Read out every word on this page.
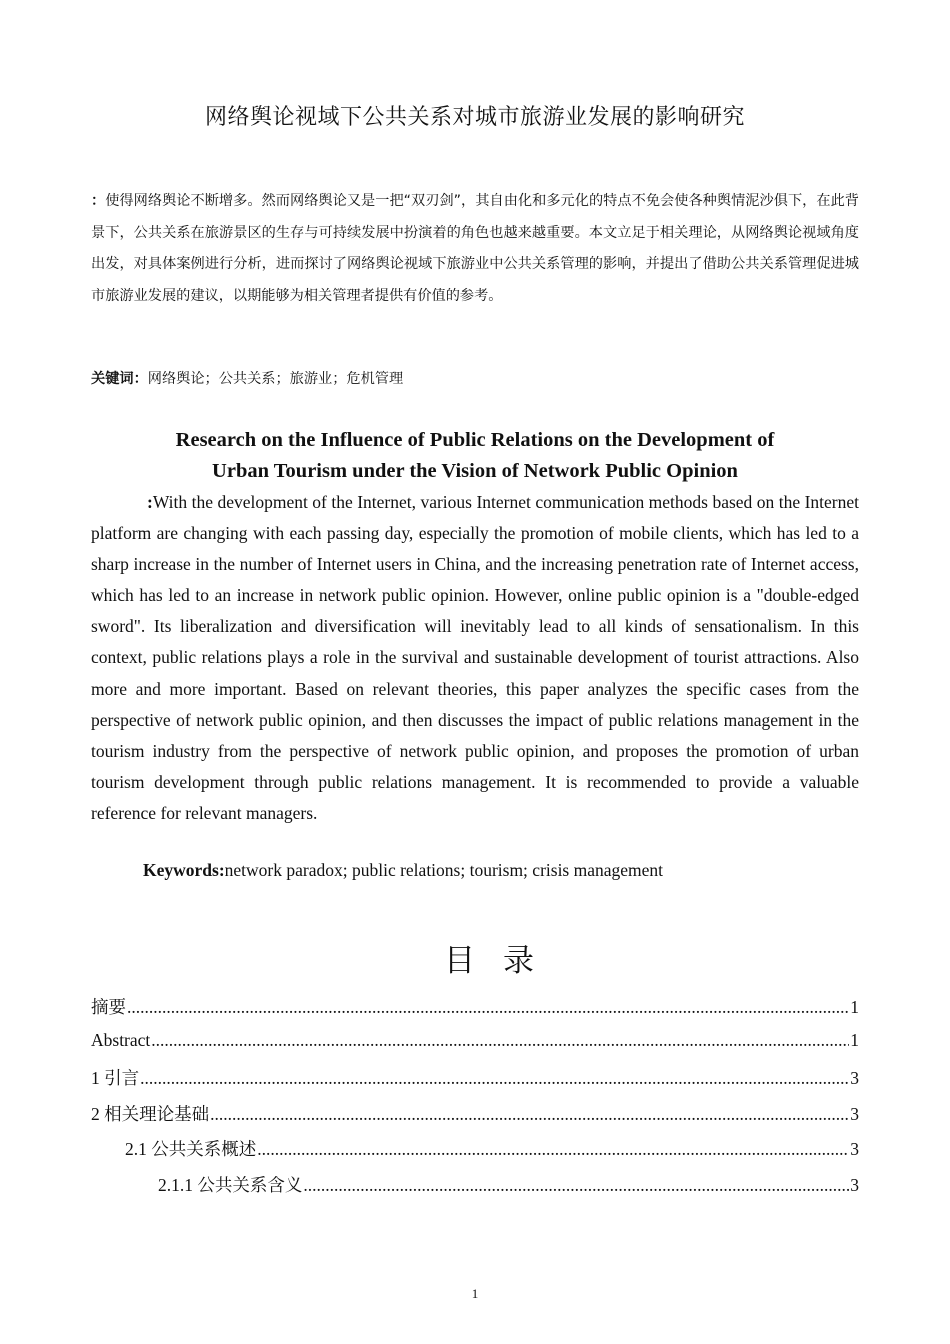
网络舆论视域下公共关系对城市旅游业发展的影响研究

：使得网络舆论不断增多。然而网络舆论又是一把“双刃剑”，其自由化和多元化的特点不免会使各种舆情泥沙俱下，在此背景下，公共关系在旅游景区的生存与可持续发展中扮演着的角色也越来越重要。本文立足于相关理论，从网络舆论视域角度出发，对具体案例进行分析，进而探讨了网络舆论视域下旅游业中公共关系管理的影响，并提出了借助公共关系管理促进城市旅游业发展的建议，以期能够为相关管理者提供有价值的参考。

关键词：网络舆论；公共关系；旅游业；危机管理

Research on the Influence of Public Relations on the Development of
Urban Tourism under the Vision of Network Public Opinion

:With the development of the Internet, various Internet communication methods based on the Internet platform are changing with each passing day, especially the promotion of mobile clients, which has led to a sharp increase in the number of Internet users in China, and the increasing penetration rate of Internet access, which has led to an increase in network public opinion. However, online public opinion is a "double-edged sword". Its liberalization and diversification will inevitably lead to all kinds of sensationalism. In this context, public relations plays a role in the survival and sustainable development of tourist attractions. Also more and more important. Based on relevant theories, this paper analyzes the specific cases from the perspective of network public opinion, and then discusses the impact of public relations management in the tourism industry from the perspective of network public opinion, and proposes the promotion of urban tourism development through public relations management. It is recommended to provide a valuable reference for relevant managers.

Keywords:network paradox; public relations; tourism; crisis management

目录
摘要 .....	1
Abstract .....	1
1 引言 .....	3
2 相关理论基础 .....	3
2.1 公共关系概述 .....	3
2.1.1 公共关系含义 .....	3
1
